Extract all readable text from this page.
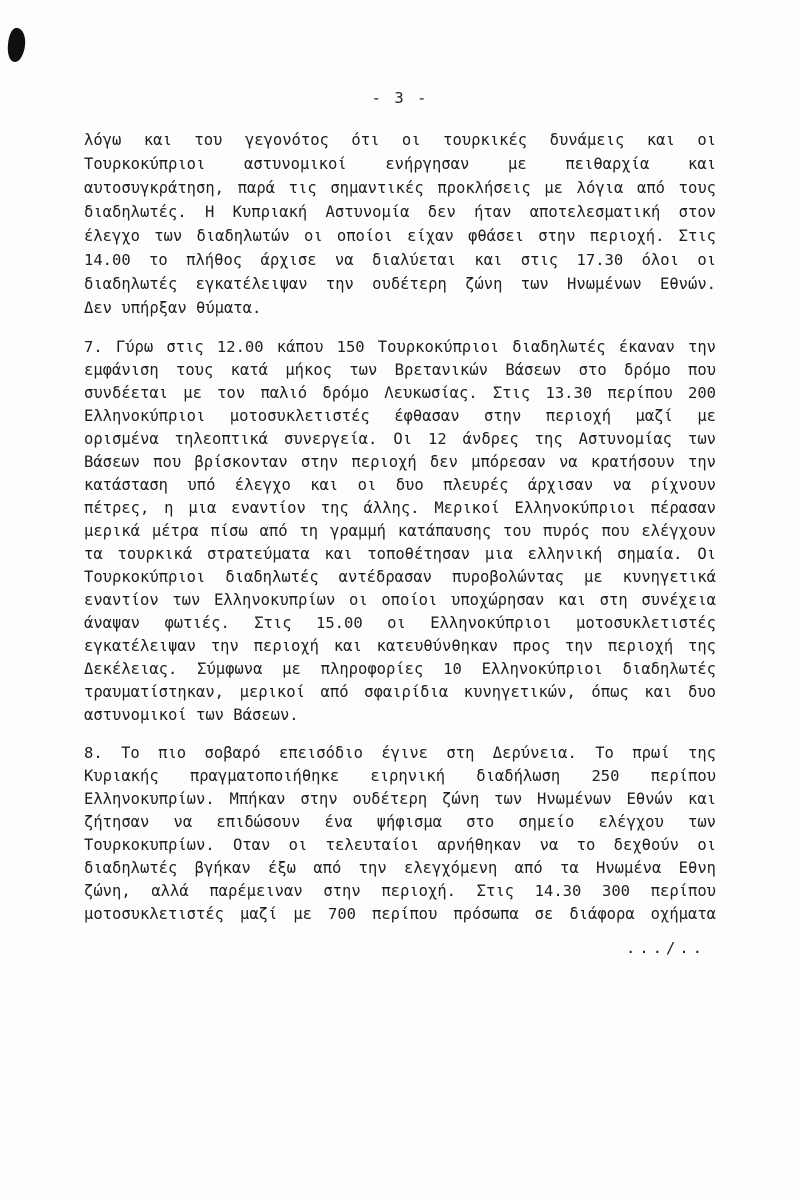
- 3 -
λόγω και του γεγονότος ότι οι τουρκικές δυνάμεις και οι
Τουρκοκύπριοι αστυνομικοί ενήργησαν με πειθαρχία και
αυτοσυγκράτηση, παρά τις σημαντικές προκλήσεις με λόγια από τους
διαδηλωτές. Η Κυπριακή Αστυνομία δεν ήταν αποτελεσματική στον
έλεγχο των διαδηλωτών οι οποίοι είχαν φθάσει στην περιοχή. Στις
14.00 το πλήθος άρχισε να διαλύεται και στις 17.30 όλοι οι
διαδηλωτές εγκατέλειψαν την ουδέτερη ζώνη των Ηνωμένων Εθνών.
Δεν υπήρξαν θύματα.
7. Γύρω στις 12.00 κάπου 150 Τουρκοκύπριοι διαδηλωτές έκαναν την
εμφάνιση τους κατά μήκος των Βρετανικών Βάσεων στο δρόμο που
συνδέεται με τον παλιό δρόμο Λευκωσίας. Στις 13.30 περίπου 200
Ελληνοκύπριοι μοτοσυκλετιστές έφθασαν στην περιοχή μαζί με
ορισμένα τηλεοπτικά συνεργεία. Οι 12 άνδρες της Αστυνομίας των
Βάσεων που βρίσκονταν στην περιοχή δεν μπόρεσαν να κρατήσουν την
κατάσταση υπό έλεγχο και οι δυο πλευρές άρχισαν να ρίχνουν
πέτρες, η μια εναντίον της άλλης. Μερικοί Ελληνοκύπριοι πέρασαν
μερικά μέτρα πίσω από τη γραμμή κατάπαυσης του πυρός που ελέγχουν
τα τουρκικά στρατεύματα και τοποθέτησαν μια ελληνική σημαία. Οι
Τουρκοκύπριοι διαδηλωτές αντέδρασαν πυροβολώντας με κυνηγετικά
εναντίον των Ελληνοκυπρίων οι οποίοι υποχώρησαν και στη συνέχεια
άναψαν φωτιές. Στις 15.00 οι Ελληνοκύπριοι μοτοσυκλετιστές
εγκατέλειψαν την περιοχή και κατευθύνθηκαν προς την περιοχή της
Δεκέλειας. Σύμφωνα με πληροφορίες 10 Ελληνοκύπριοι διαδηλωτές
τραυματίστηκαν, μερικοί από σφαιρίδια κυνηγετικών, όπως και δυο
αστυνομικοί των Βάσεων.
8. Το πιο σοβαρό επεισόδιο έγινε στη Δερύνεια. Το πρωί της
Κυριακής πραγματοποιήθηκε ειρηνική διαδήλωση 250 περίπου
Ελληνοκυπρίων. Μπήκαν στην ουδέτερη ζώνη των Ηνωμένων Εθνών και
ζήτησαν να επιδώσουν ένα ψήφισμα στο σημείο ελέγχου των
Τουρκοκυπρίων. Οταν οι τελευταίοι αρνήθηκαν να το δεχθούν οι
διαδηλωτές βγήκαν έξω από την ελεγχόμενη από τα Ηνωμένα Εθνη
ζώνη, αλλά παρέμειναν στην περιοχή. Στις 14.30 300 περίπου
μοτοσυκλετιστές μαζί με 700 περίπου πρόσωπα σε διάφορα οχήματα
.../..
